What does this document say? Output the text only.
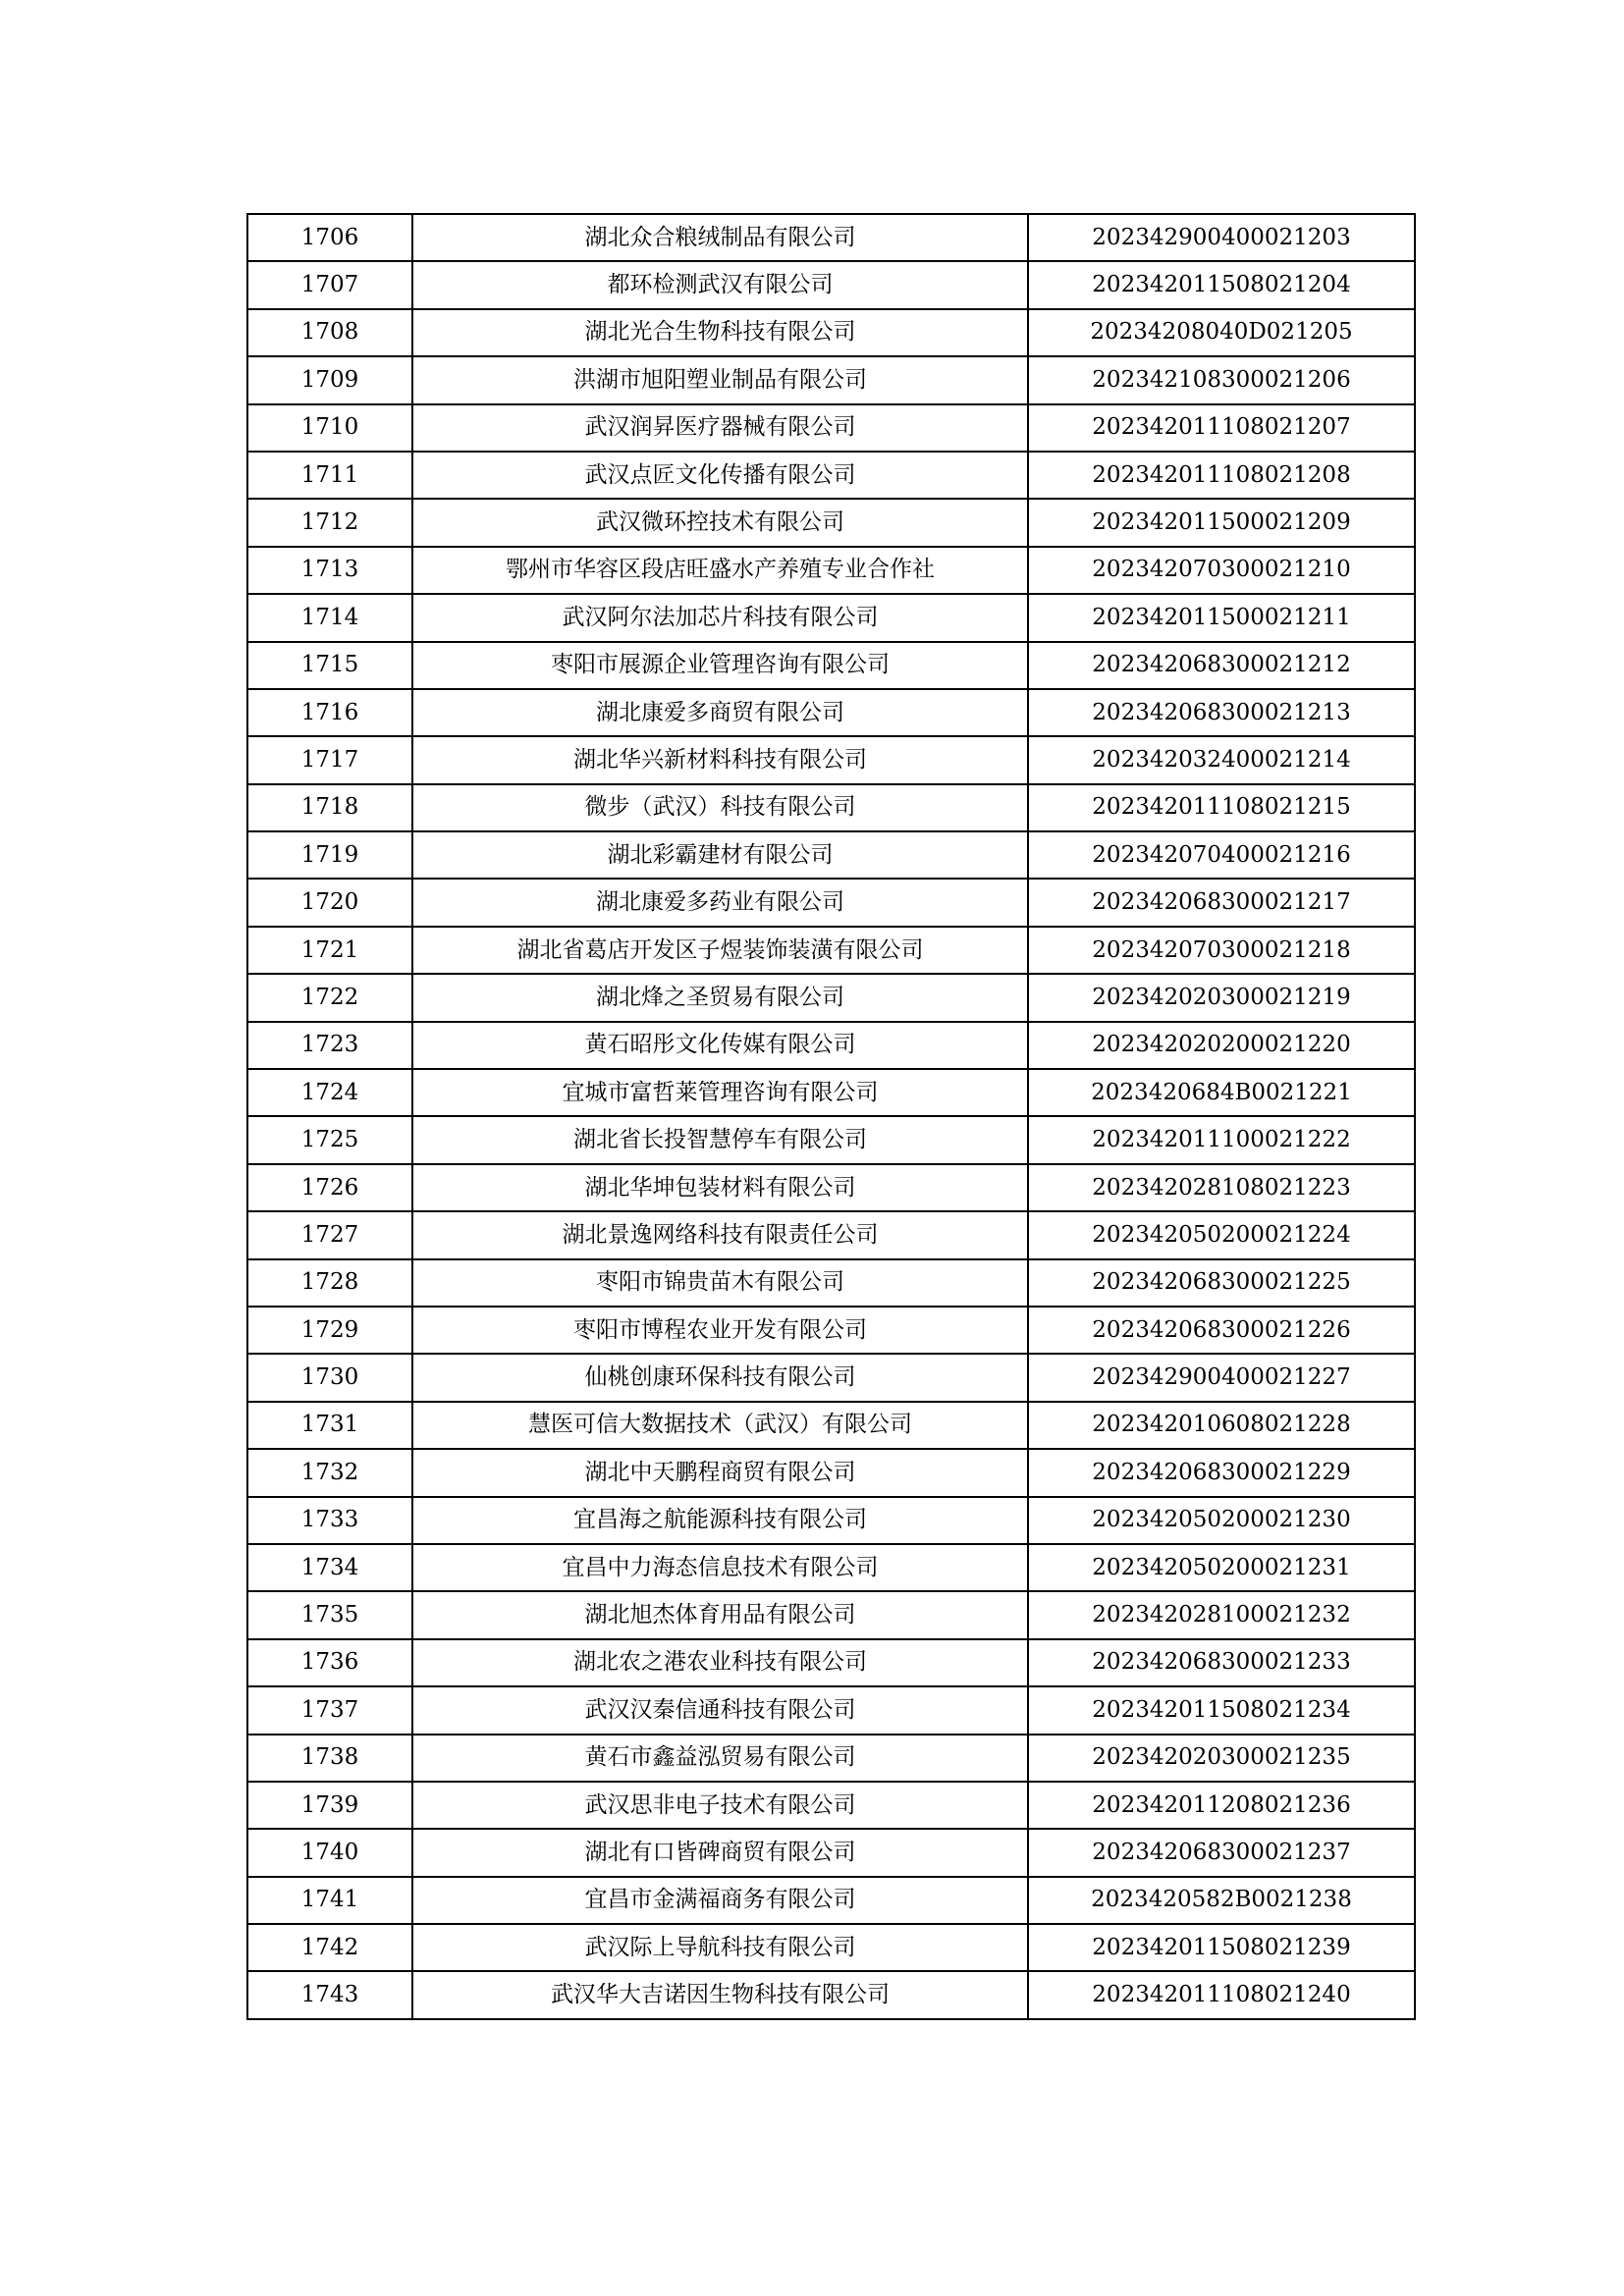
1706	湖北众合粮绒制品有限公司	202342900400021203
1707	都环检测武汉有限公司	202342011508021204
1708	湖北光合生物科技有限公司	20234208040D021205
1709	洪湖市旭阳塑业制品有限公司	202342108300021206
1710	武汉润昇医疗器械有限公司	202342011108021207
1711	武汉点匠文化传播有限公司	202342011108021208
1712	武汉微环控技术有限公司	202342011500021209
1713	鄂州市华容区段店旺盛水产养殖专业合作社	202342070300021210
1714	武汉阿尔法加芯片科技有限公司	202342011500021211
1715	枣阳市展源企业管理咨询有限公司	202342068300021212
1716	湖北康爱多商贸有限公司	202342068300021213
1717	湖北华兴新材料科技有限公司	202342032400021214
1718	微步（武汉）科技有限公司	202342011108021215
1719	湖北彩霸建材有限公司	202342070400021216
1720	湖北康爱多药业有限公司	202342068300021217
1721	湖北省葛店开发区子煜装饰装潢有限公司	202342070300021218
1722	湖北烽之圣贸易有限公司	202342020300021219
1723	黄石昭彤文化传媒有限公司	202342020200021220
1724	宜城市富哲莱管理咨询有限公司	2023420684B0021221
1725	湖北省长投智慧停车有限公司	202342011100021222
1726	湖北华坤包装材料有限公司	202342028108021223
1727	湖北景逸网络科技有限责任公司	202342050200021224
1728	枣阳市锦贵苗木有限公司	202342068300021225
1729	枣阳市博程农业开发有限公司	202342068300021226
1730	仙桃创康环保科技有限公司	202342900400021227
1731	慧医可信大数据技术（武汉）有限公司	202342010608021228
1732	湖北中天鹏程商贸有限公司	202342068300021229
1733	宜昌海之航能源科技有限公司	202342050200021230
1734	宜昌中力海态信息技术有限公司	202342050200021231
1735	湖北旭杰体育用品有限公司	202342028100021232
1736	湖北农之港农业科技有限公司	202342068300021233
1737	武汉汉秦信通科技有限公司	202342011508021234
1738	黄石市鑫益泓贸易有限公司	202342020300021235
1739	武汉思非电子技术有限公司	202342011208021236
1740	湖北有口皆碑商贸有限公司	202342068300021237
1741	宜昌市金满福商务有限公司	2023420582B0021238
1742	武汉际上导航科技有限公司	202342011508021239
1743	武汉华大吉诺因生物科技有限公司	202342011108021240
